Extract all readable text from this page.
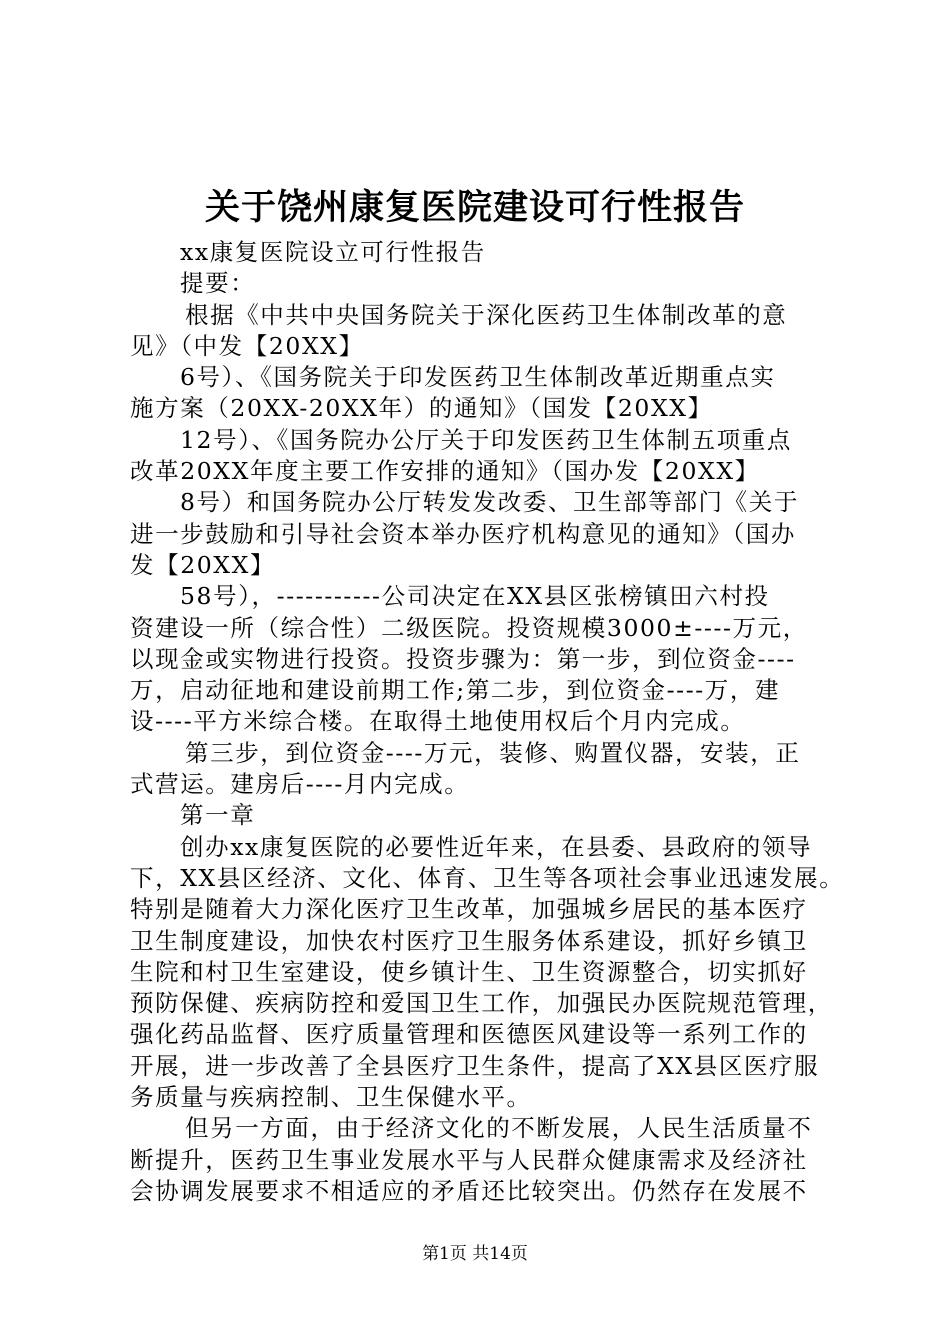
关于饶州康复医院建设可行性报告
xx康复医院设立可行性报告
提要：
根据《中共中央国务院关于深化医药卫生体制改革的意
见》（中发【20XX】
6号）、《国务院关于印发医药卫生体制改革近期重点实
施方案（20XX-20XX年）的通知》（国发【20XX】
12号）、《国务院办公厅关于印发医药卫生体制五项重点
改革20XX年度主要工作安排的通知》（国办发【20XX】
8号）和国务院办公厅转发发改委、卫生部等部门《关于
进一步鼓励和引导社会资本举办医疗机构意见的通知》（国办
发【20XX】
58号），-----------公司决定在XX县区张榜镇田六村投
资建设一所（综合性）二级医院。投资规模3000±----万元，
以现金或实物进行投资。投资步骤为：第一步，到位资金----
万，启动征地和建设前期工作;第二步，到位资金----万，建
设----平方米综合楼。在取得土地使用权后个月内完成。
第三步，到位资金----万元，装修、购置仪器，安装，正
式营运。建房后----月内完成。
第一章
创办xx康复医院的必要性近年来，在县委、县政府的领导
下，XX县区经济、文化、体育、卫生等各项社会事业迅速发展。
特别是随着大力深化医疗卫生改革，加强城乡居民的基本医疗
卫生制度建设，加快农村医疗卫生服务体系建设，抓好乡镇卫
生院和村卫生室建设，使乡镇计生、卫生资源整合，切实抓好
预防保健、疾病防控和爱国卫生工作，加强民办医院规范管理，
强化药品监督、医疗质量管理和医德医风建设等一系列工作的
开展，进一步改善了全县医疗卫生条件，提高了XX县区医疗服
务质量与疾病控制、卫生保健水平。
但另一方面，由于经济文化的不断发展，人民生活质量不
断提升，医药卫生事业发展水平与人民群众健康需求及经济社
会协调发展要求不相适应的矛盾还比较突出。仍然存在发展不
第1页 共14页
